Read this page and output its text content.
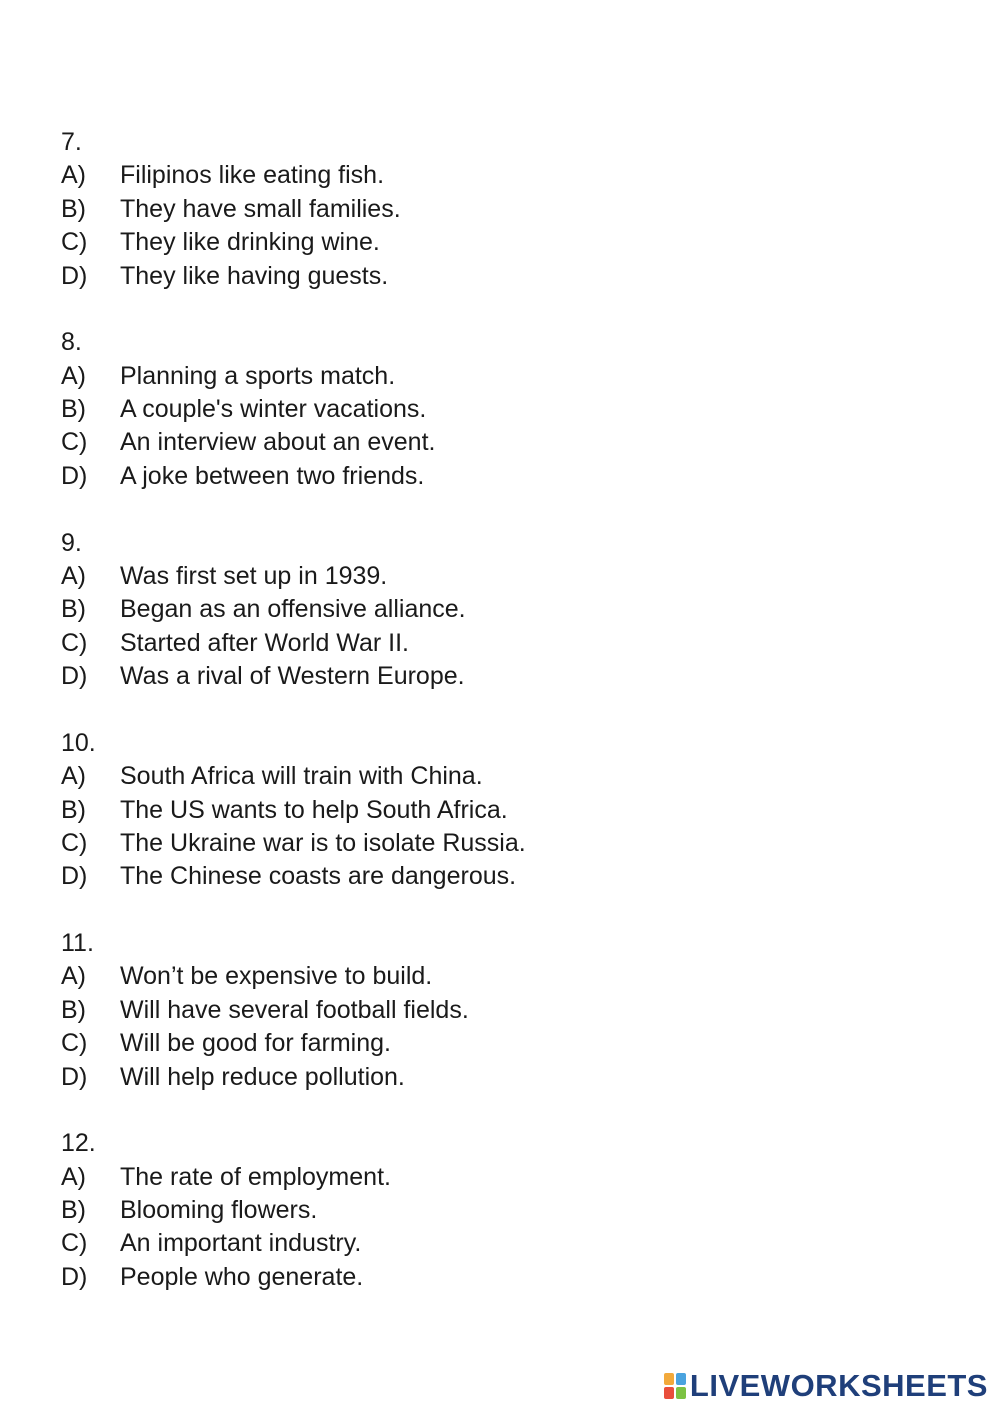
7.
A)	Filipinos like eating fish.
B)	They have small families.
C)	They like drinking wine.
D)	They like having guests.
8.
A)	Planning a sports match.
B)	A couple's winter vacations.
C)	An interview about an event.
D)	A joke between two friends.
9.
A)	Was first set up in 1939.
B)	Began as an offensive alliance.
C)	Started after World War II.
D)	Was a rival of Western Europe.
10.
A)	South Africa will train with China.
B)	The US wants to help South Africa.
C)	The Ukraine war is to isolate Russia.
D)	The Chinese coasts are dangerous.
11.
A)	Won’t be expensive to build.
B)	Will have several football fields.
C)	Will be good for farming.
D)	Will help reduce pollution.
12.
A)	The rate of employment.
B)	Blooming flowers.
C)	An important industry.
D)	People who generate.
LIVEWORKSHEETS
